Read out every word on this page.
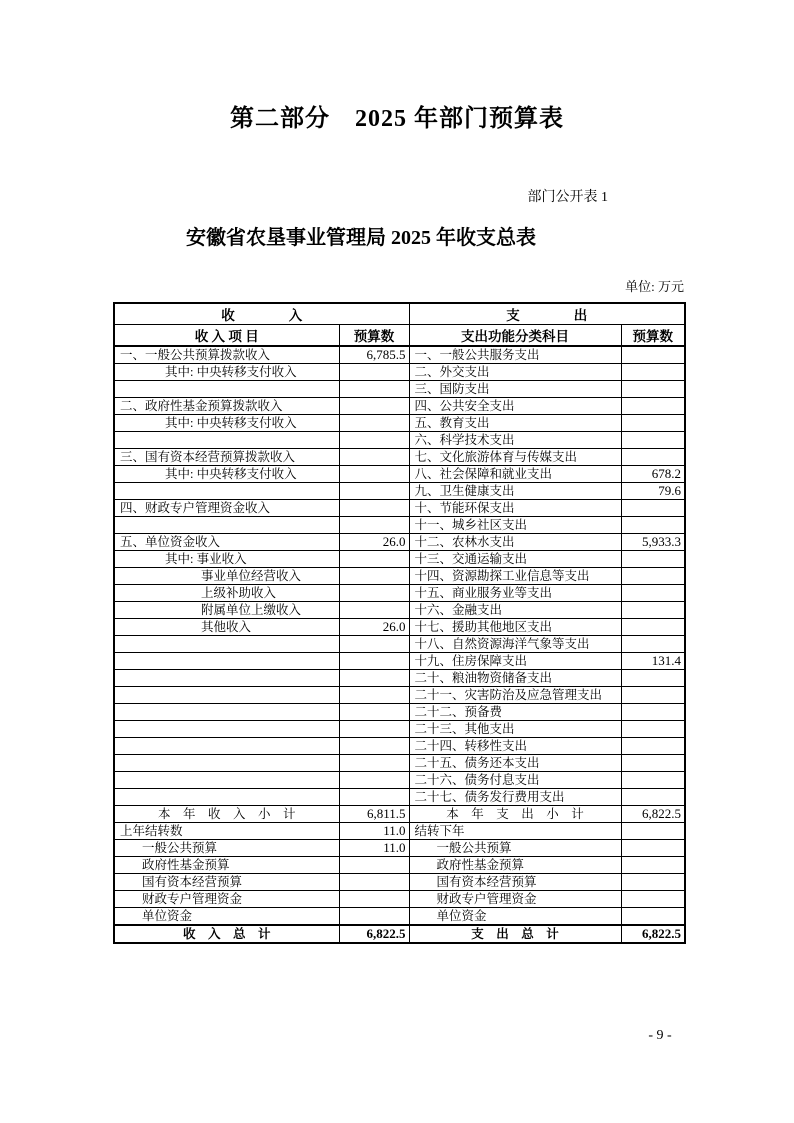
第二部分　2025 年部门预算表
部门公开表 1
安徽省农垦事业管理局 2025 年收支总表
单位: 万元
收　　　　入		支　　　　出	
收 入 项 目	预算数	支出功能分类科目	预算数
一、一般公共预算拨款收入	6,785.5	一、一般公共服务支出	
其中: 中央转移支付收入		二、外交支出	
		三、国防支出	
二、政府性基金预算拨款收入		四、公共安全支出	
其中: 中央转移支付收入		五、教育支出	
		六、科学技术支出	
三、国有资本经营预算拨款收入		七、文化旅游体育与传媒支出	
其中: 中央转移支付收入		八、社会保障和就业支出	678.2
		九、卫生健康支出	79.6
四、财政专户管理资金收入		十、节能环保支出	
		十一、城乡社区支出	
五、单位资金收入	26.0	十二、农林水支出	5,933.3
其中: 事业收入		十三、交通运输支出	
事业单位经营收入		十四、资源勘探工业信息等支出	
上级补助收入		十五、商业服务业等支出	
附属单位上缴收入		十六、金融支出	
其他收入	26.0	十七、援助其他地区支出	
		十八、自然资源海洋气象等支出	
		十九、住房保障支出	131.4
		二十、粮油物资储备支出	
		二十一、灾害防治及应急管理支出	
		二十二、预备费	
		二十三、其他支出	
		二十四、转移性支出	
		二十五、债务还本支出	
		二十六、债务付息支出	
		二十七、债务发行费用支出	
本　年　收　入　小　计	6,811.5	本　年　支　出　小　计	6,822.5
上年结转数	11.0	结转下年	
一般公共预算	11.0	一般公共预算	
政府性基金预算		政府性基金预算	
国有资本经营预算		国有资本经营预算	
财政专户管理资金		财政专户管理资金	
单位资金		单位资金	
收　入　总　计	6,822.5	支　出　总　计	6,822.5
- 9 -
